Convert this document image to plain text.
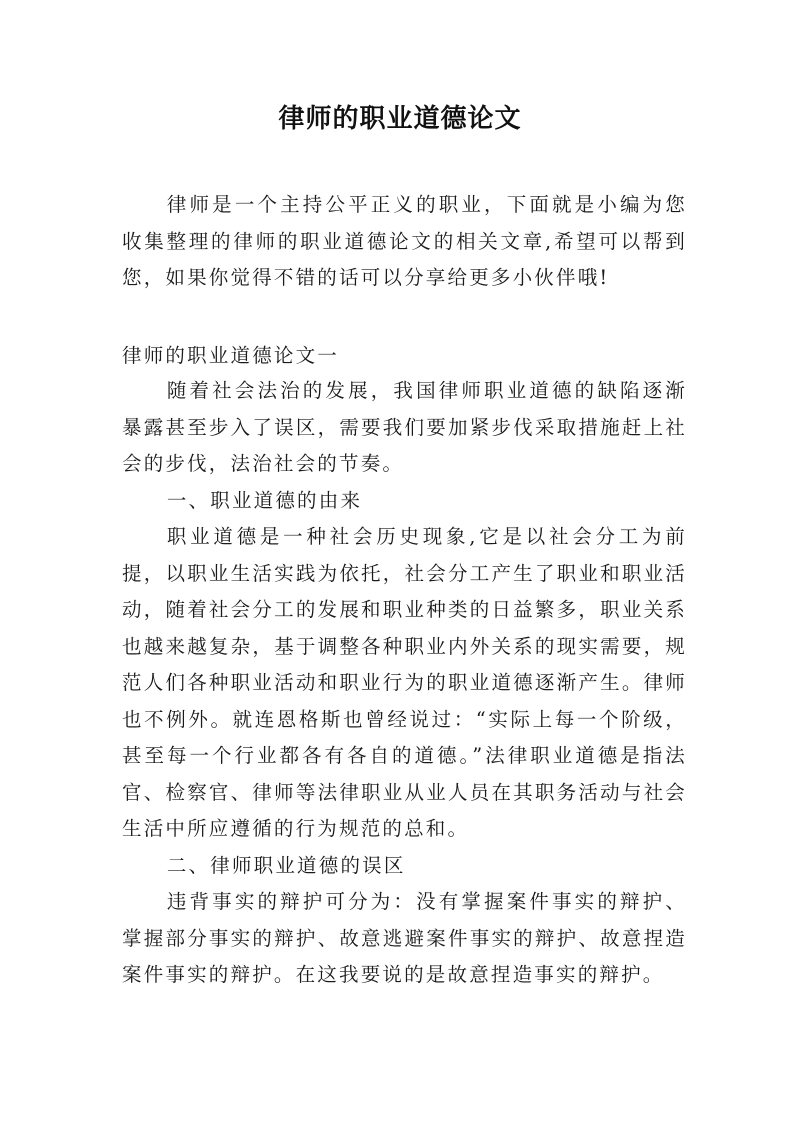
律师的职业道德论文

律师是一个主持公平正义的职业，下面就是小编为您收集整理的律师的职业道德论文的相关文章,希望可以帮到您，如果你觉得不错的话可以分享给更多小伙伴哦!

律师的职业道德论文一

随着社会法治的发展，我国律师职业道德的缺陷逐渐暴露甚至步入了误区，需要我们要加紧步伐采取措施赶上社会的步伐，法治社会的节奏。

一、职业道德的由来

职业道德是一种社会历史现象,它是以社会分工为前提，以职业生活实践为依托，社会分工产生了职业和职业活动，随着社会分工的发展和职业种类的日益繁多，职业关系也越来越复杂，基于调整各种职业内外关系的现实需要，规范人们各种职业活动和职业行为的职业道德逐渐产生。律师也不例外。就连恩格斯也曾经说过：“实际上每一个阶级，甚至每一个行业都各有各自的道德。”法律职业道德是指法官、检察官、律师等法律职业从业人员在其职务活动与社会生活中所应遵循的行为规范的总和。

二、律师职业道德的误区

违背事实的辩护可分为：没有掌握案件事实的辩护、掌握部分事实的辩护、故意逃避案件事实的辩护、故意捏造案件事实的辩护。在这我要说的是故意捏造事实的辩护。
